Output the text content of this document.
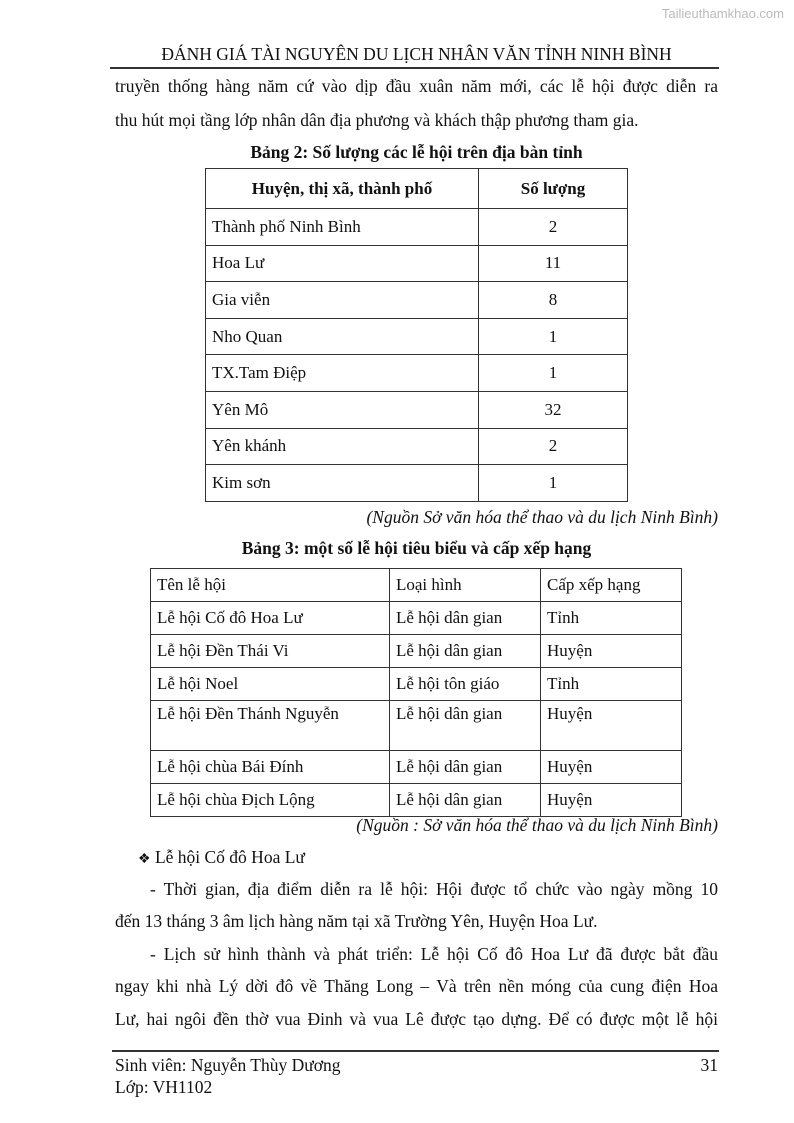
Tailieuthamkhao.com
ĐÁNH GIÁ TÀI NGUYÊN DU LỊCH NHÂN VĂN TỈNH NINH BÌNH
truyền thống hàng năm cứ vào dịp đầu xuân năm mới, các lễ hội được diễn ra
thu hút mọi tầng lớp nhân dân địa phương và khách thập phương tham gia.
Bảng 2: Số lượng các lễ hội trên địa bàn tỉnh
Huyện, thị xã, thành phố	Số lượng
Thành phố Ninh Bình	2
Hoa Lư	11
Gia viễn	8
Nho Quan	1
TX.Tam Điệp	1
Yên Mô	32
Yên khánh	2
Kim sơn	1
(Nguồn Sở văn hóa thể thao và du lịch Ninh Bình)
Bảng 3: một số lễ hội tiêu biểu và cấp xếp hạng
Tên lễ hội	Loại hình	Cấp xếp hạng
Lễ hội Cố đô Hoa Lư	Lễ hội dân gian	Tỉnh
Lễ hội Đền Thái Vi	Lễ hội dân gian	Huyện
Lễ hội Noel	Lễ hội tôn giáo	Tỉnh
Lễ hội Đền Thánh Nguyễn	Lễ hội dân gian	Huyện
Lễ hội chùa Bái Đính	Lễ hội dân gian	Huyện
Lễ hội chùa Địch Lộng	Lễ hội dân gian	Huyện
(Nguồn : Sở văn hóa thể thao và du lịch Ninh Bình)
❖ Lễ hội Cố đô Hoa Lư
- Thời gian, địa điểm diễn ra lễ hội: Hội được tổ chức vào ngày mồng 10
đến 13 tháng 3 âm lịch hàng năm tại xã Trường Yên, Huyện Hoa Lư.
- Lịch sử hình thành và phát triển: Lễ hội Cố đô Hoa Lư đã được bắt đầu
ngay khi nhà Lý dời đô về Thăng Long – Và trên nền móng của cung điện Hoa
Lư, hai ngôi đền thờ vua Đinh và vua Lê được tạo dựng. Để có được một lễ hội
Sinh viên: Nguyễn Thùy Dương
Lớp: VH1102
31
